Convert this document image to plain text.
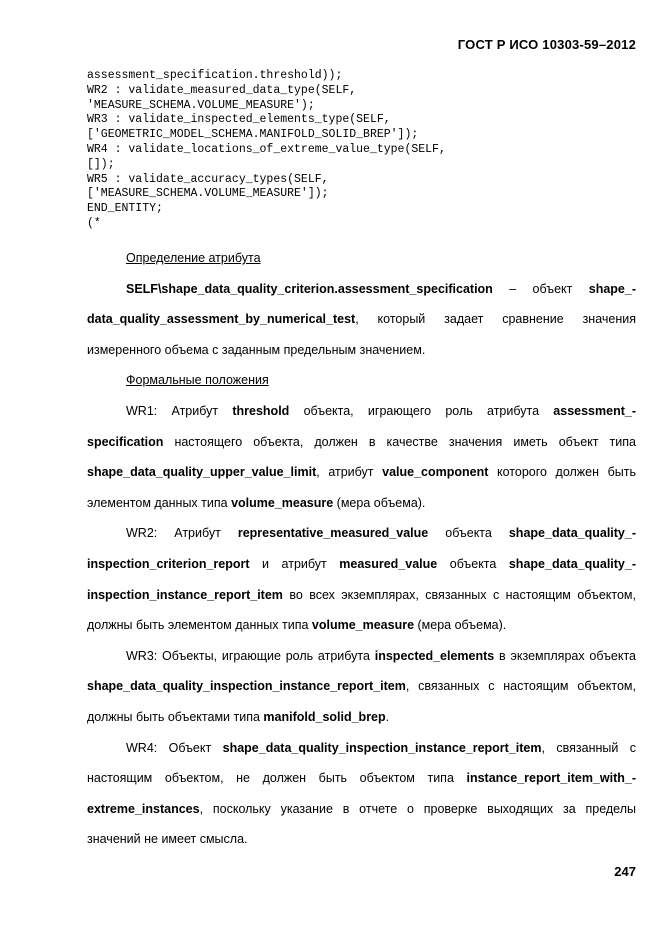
ГОСТ Р ИСО 10303-59–2012
assessment_specification.threshold));
WR2 : validate_measured_data_type(SELF,
'MEASURE_SCHEMA.VOLUME_MEASURE');
WR3 : validate_inspected_elements_type(SELF,
['GEOMETRIC_MODEL_SCHEMA.MANIFOLD_SOLID_BREP']);
WR4 : validate_locations_of_extreme_value_type(SELF,
[]);
WR5 : validate_accuracy_types(SELF,
['MEASURE_SCHEMA.VOLUME_MEASURE']);
END_ENTITY;
(*

Определение атрибута

SELF\shape_data_quality_criterion.assessment_specification – объект shape_-data_quality_assessment_by_numerical_test, который задает сравнение значения измеренного объема с заданным предельным значением.

Формальные положения

WR1: Атрибут threshold объекта, играющего роль атрибута assessment_-specification настоящего объекта, должен в качестве значения иметь объект типа shape_data_quality_upper_value_limit, атрибут value_component которого должен быть элементом данных типа volume_measure (мера объема).

WR2: Атрибут representative_measured_value объекта shape_data_quality_-inspection_criterion_report и атрибут measured_value объекта shape_data_quality_-inspection_instance_report_item во всех экземплярах, связанных с настоящим объектом, должны быть элементом данных типа volume_measure (мера объема).

WR3: Объекты, играющие роль атрибута inspected_elements в экземплярах объекта shape_data_quality_inspection_instance_report_item, связанных с настоящим объектом, должны быть объектами типа manifold_solid_brep.

WR4: Объект shape_data_quality_inspection_instance_report_item, связанный с настоящим объектом, не должен быть объектом типа instance_report_item_with_-extreme_instances, поскольку указание в отчете о проверке выходящих за пределы значений не имеет смысла.

247
